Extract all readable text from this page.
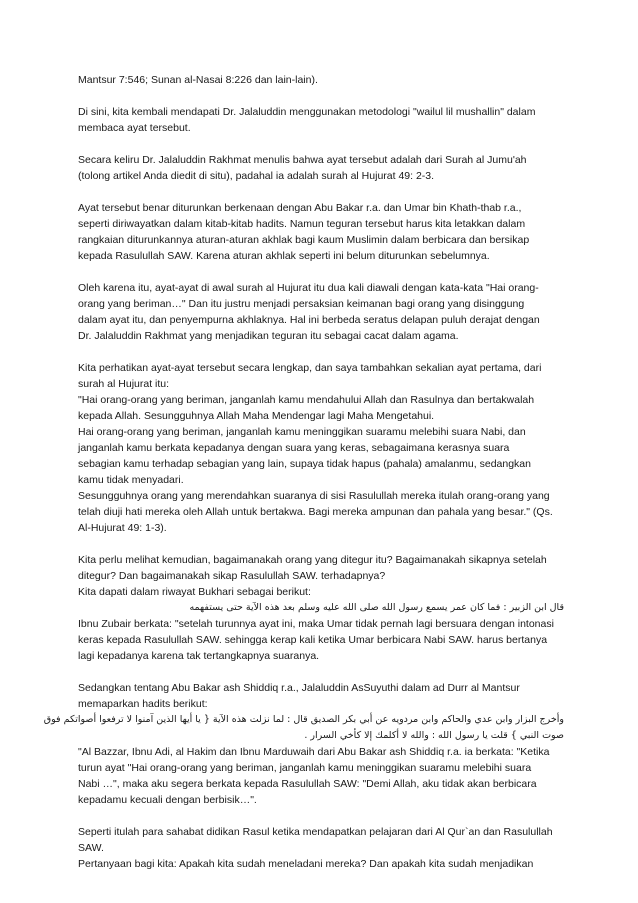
Mantsur 7:546; Sunan al-Nasai 8:226 dan lain-lain).

Di sini, kita kembali mendapati Dr. Jalaluddin menggunakan metodologi "wailul lil mushallin" dalam
membaca ayat tersebut.

Secara keliru Dr. Jalaluddin Rakhmat menulis bahwa ayat tersebut adalah dari Surah al Jumu'ah
(tolong artikel Anda diedit di situ), padahal ia adalah surah al Hujurat 49: 2-3.

Ayat tersebut benar diturunkan berkenaan dengan Abu Bakar r.a. dan Umar bin Khath-thab r.a.,
seperti diriwayatkan dalam kitab-kitab hadits. Namun teguran tersebut harus kita letakkan dalam
rangkaian diturunkannya aturan-aturan akhlak bagi kaum Muslimin dalam berbicara dan bersikap
kepada Rasulullah SAW. Karena aturan akhlak seperti ini belum diturunkan sebelumnya.

Oleh karena itu, ayat-ayat di awal surah al Hujurat itu dua kali diawali dengan kata-kata "Hai orang-
orang yang beriman…" Dan itu justru menjadi persaksian keimanan bagi orang yang disinggung
dalam ayat itu, dan penyempurna akhlaknya. Hal ini berbeda seratus delapan puluh derajat dengan
Dr. Jalaluddin Rakhmat yang menjadikan teguran itu sebagai cacat dalam agama.

Kita perhatikan ayat-ayat tersebut secara lengkap, dan saya tambahkan sekalian ayat pertama, dari
surah al Hujurat itu:
"Hai orang-orang yang beriman, janganlah kamu mendahului Allah dan Rasulnya dan bertakwalah
kepada Allah. Sesungguhnya Allah Maha Mendengar lagi Maha Mengetahui.
Hai orang-orang yang beriman, janganlah kamu meninggikan suaramu melebihi suara Nabi, dan
janganlah kamu berkata kepadanya dengan suara yang keras, sebagaimana kerasnya suara
sebagian kamu terhadap sebagian yang lain, supaya tidak hapus (pahala) amalanmu, sedangkan
kamu tidak menyadari.
Sesungguhnya orang yang merendahkan suaranya di sisi Rasulullah mereka itulah orang-orang yang
telah diuji hati mereka oleh Allah untuk bertakwa. Bagi mereka ampunan dan pahala yang besar." (Qs.
Al-Hujurat 49: 1-3).

Kita perlu melihat kemudian, bagaimanakah orang yang ditegur itu? Bagaimanakah sikapnya setelah
ditegur? Dan bagaimanakah sikap Rasulullah SAW. terhadapnya?
Kita dapati dalam riwayat Bukhari sebagai berikut:
قال ابن الزبير : فما كان عمر يسمع رسول الله صلى الله عليه وسلم بعد هذه الآية حتى يستفهمه
Ibnu Zubair berkata: "setelah turunnya ayat ini, maka Umar tidak pernah lagi bersuara dengan intonasi
keras kepada Rasulullah SAW. sehingga kerap kali ketika Umar berbicara Nabi SAW. harus bertanya
lagi kepadanya karena tak tertangkapnya suaranya.

Sedangkan tentang Abu Bakar ash Shiddiq r.a., Jalaluddin AsSuyuthi dalam ad Durr al Mantsur
memaparkan hadits berikut:
وأخرج البزار وابن عدي والحاكم وابن مردويه عن أبي بكر الصديق قال : لما نزلت هذه الآية { يا أيها الذين آمنوا لا ترفعوا أصواتكم فوق
صوت النبي } قلت يا رسول الله : والله لا أكلمك إلا كأخي السرار .
"Al Bazzar, Ibnu Adi, al Hakim dan Ibnu Marduwaih dari Abu Bakar ash Shiddiq r.a. ia berkata: "Ketika
turun ayat "Hai orang-orang yang beriman, janganlah kamu meninggikan suaramu melebihi suara
Nabi …", maka aku segera berkata kepada Rasulullah SAW: "Demi Allah, aku tidak akan berbicara
kepadamu kecuali dengan berbisik…".

Seperti itulah para sahabat didikan Rasul ketika mendapatkan pelajaran dari Al Qur`an dan Rasulullah
SAW.
Pertanyaan bagi kita: Apakah kita sudah meneladani mereka? Dan apakah kita sudah menjadikan
